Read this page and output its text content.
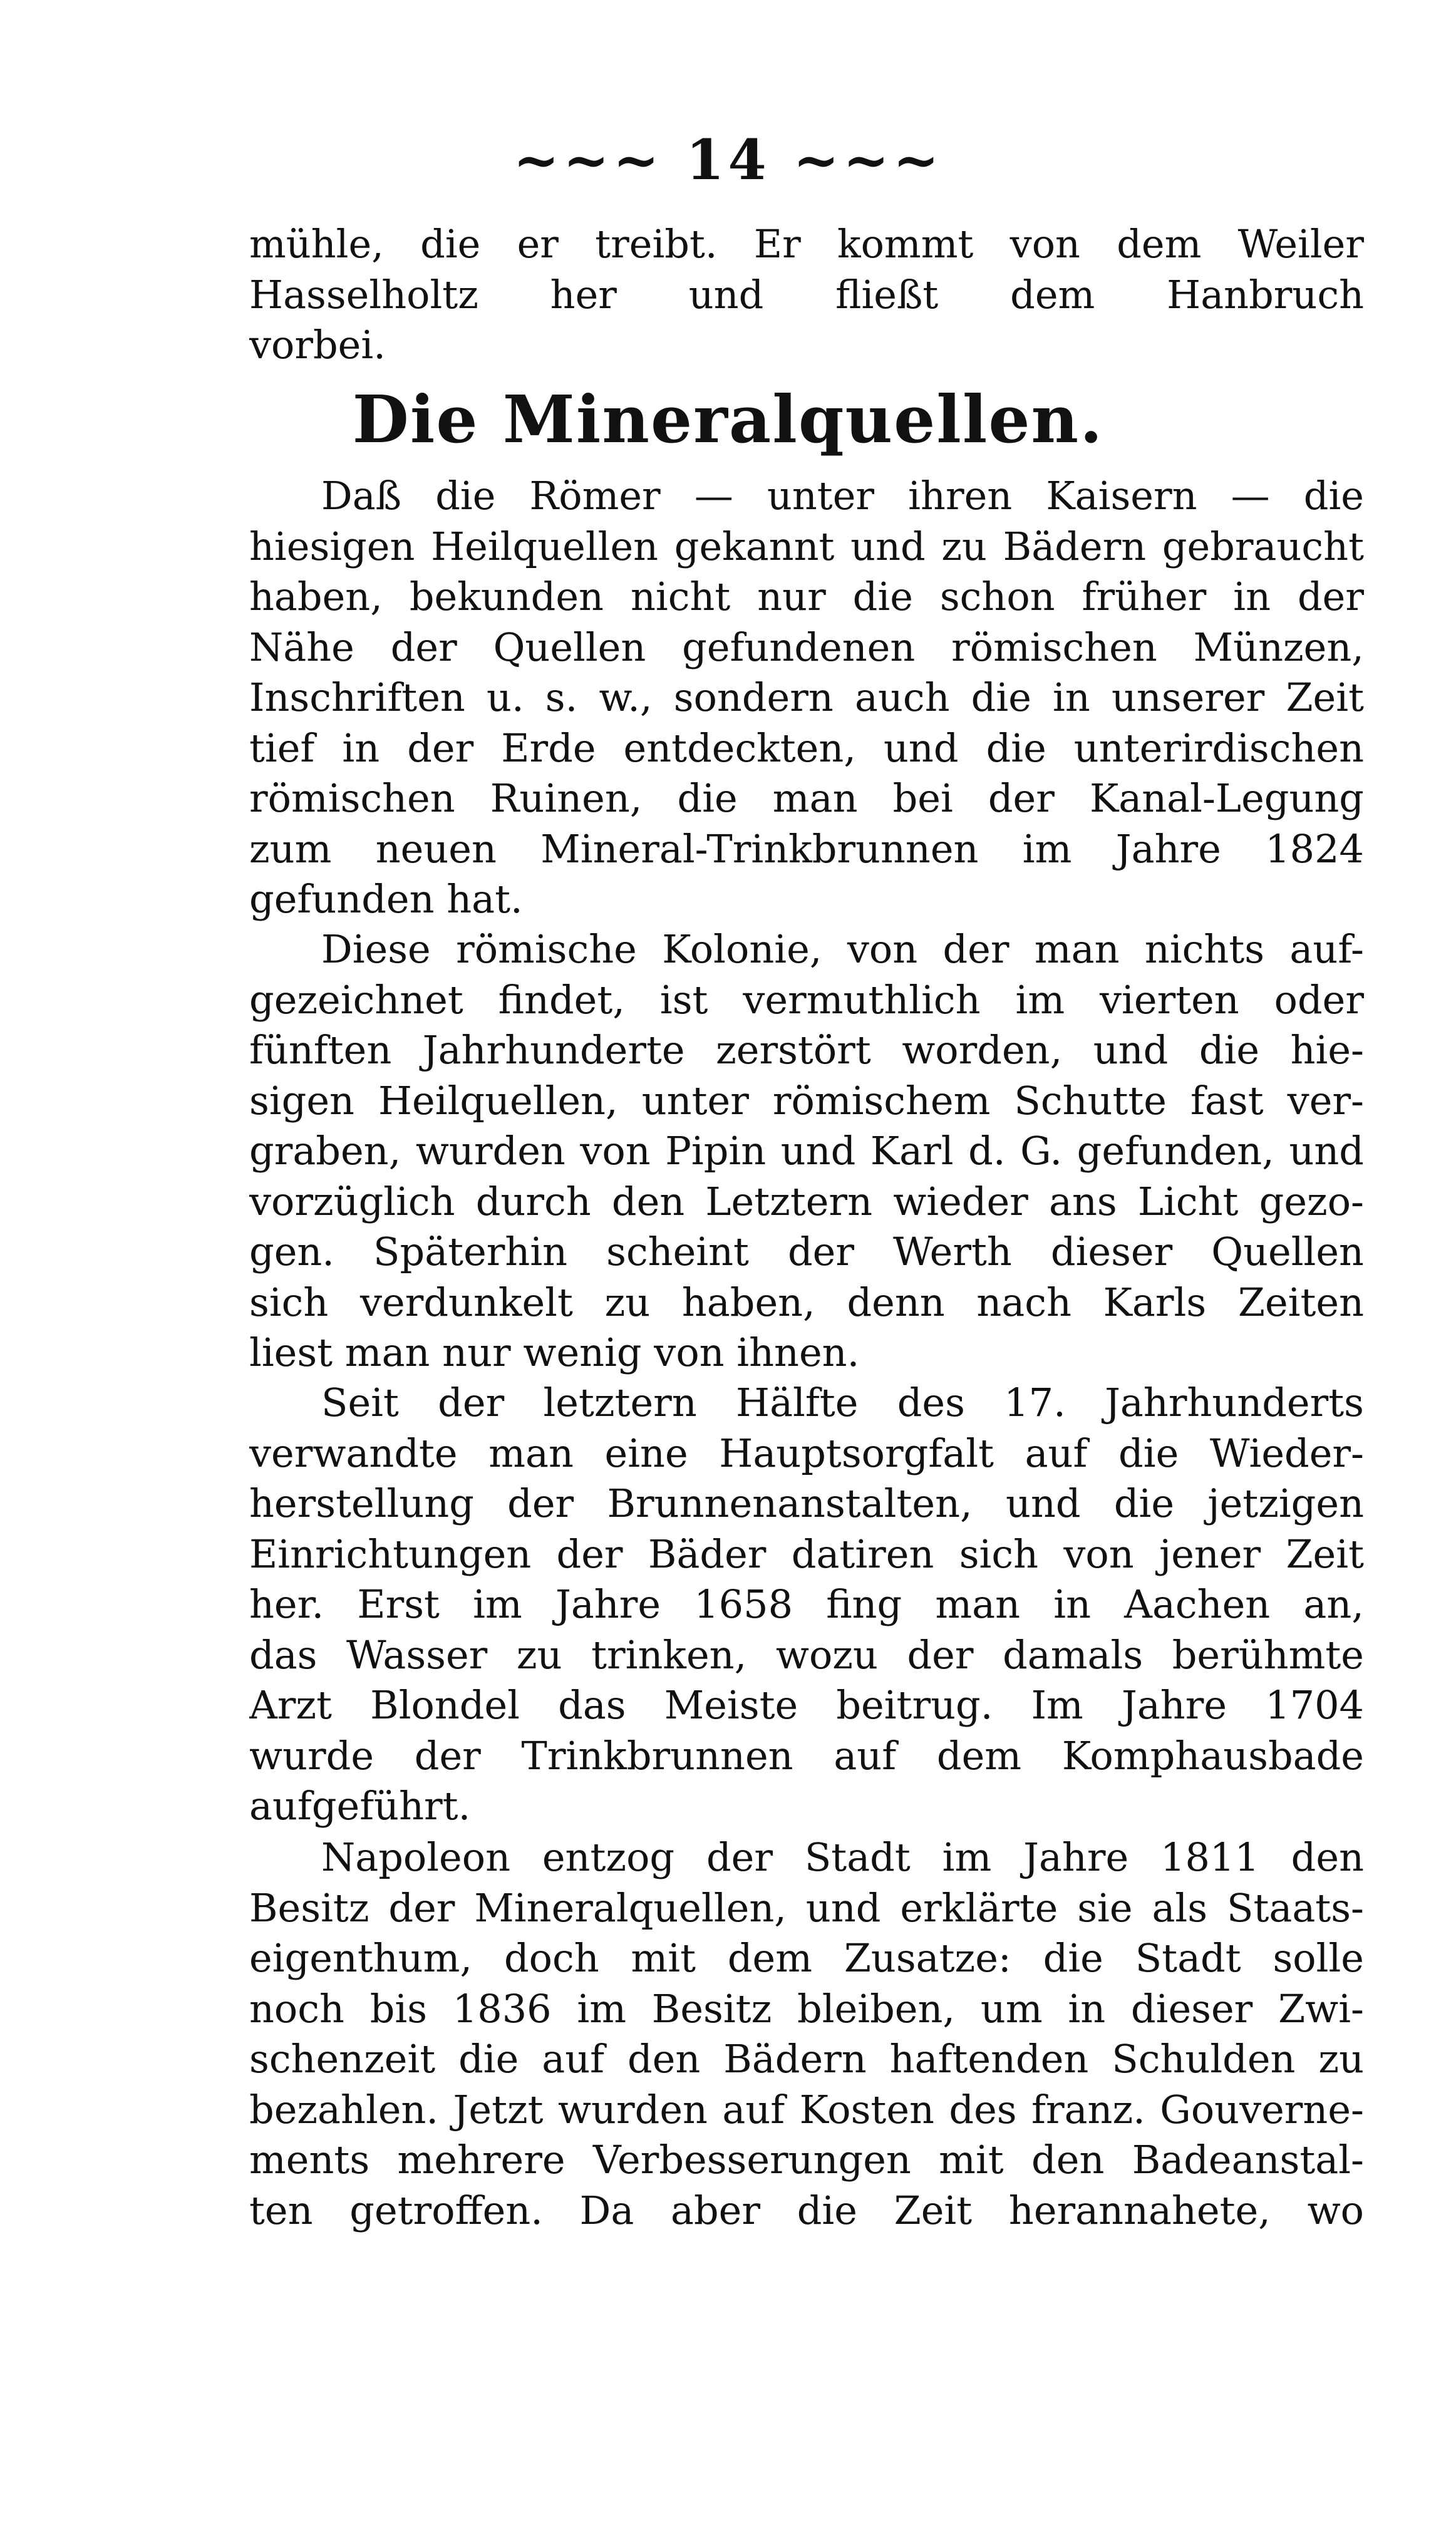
~~~ 14 ~~~
mühle, die er treibt. Er kommt von dem Weiler
Hasselholtz her und fließt dem Hanbruch
vorbei.
Die Mineralquellen.
Daß die Römer — unter ihren Kaisern — die
hiesigen Heilquellen gekannt und zu Bädern gebraucht
haben, bekunden nicht nur die schon früher in der
Nähe der Quellen gefundenen römischen Münzen,
Inschriften u. s. w., sondern auch die in unserer Zeit
tief in der Erde entdeckten, und die unterirdischen
römischen Ruinen, die man bei der Kanal-Legung
zum neuen Mineral-Trinkbrunnen im Jahre 1824
gefunden hat.
Diese römische Kolonie, von der man nichts auf-
gezeichnet findet, ist vermuthlich im vierten oder
fünften Jahrhunderte zerstört worden, und die hie-
sigen Heilquellen, unter römischem Schutte fast ver-
graben, wurden von Pipin und Karl d. G. gefunden, und
vorzüglich durch den Letztern wieder ans Licht gezo-
gen. Späterhin scheint der Werth dieser Quellen
sich verdunkelt zu haben, denn nach Karls Zeiten
liest man nur wenig von ihnen.
Seit der letztern Hälfte des 17. Jahrhunderts
verwandte man eine Hauptsorgfalt auf die Wieder-
herstellung der Brunnenanstalten, und die jetzigen
Einrichtungen der Bäder datiren sich von jener Zeit
her. Erst im Jahre 1658 fing man in Aachen an,
das Wasser zu trinken, wozu der damals berühmte
Arzt Blondel das Meiste beitrug. Im Jahre 1704
wurde der Trinkbrunnen auf dem Komphausbade
aufgeführt.
Napoleon entzog der Stadt im Jahre 1811 den
Besitz der Mineralquellen, und erklärte sie als Staats-
eigenthum, doch mit dem Zusatze: die Stadt solle
noch bis 1836 im Besitz bleiben, um in dieser Zwi-
schenzeit die auf den Bädern haftenden Schulden zu
bezahlen. Jetzt wurden auf Kosten des franz. Gouverne-
ments mehrere Verbesserungen mit den Badeanstal-
ten getroffen. Da aber die Zeit herannahete, wo
